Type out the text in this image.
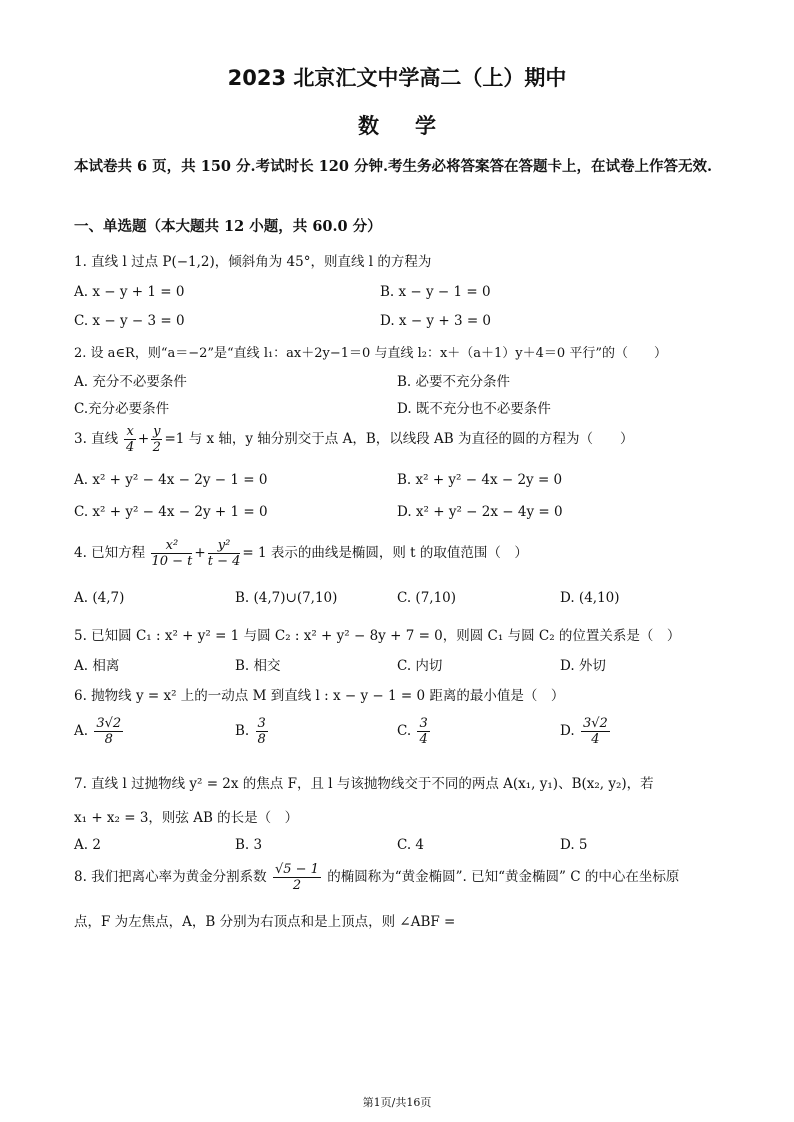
2023 北京汇文中学高二（上）期中
数学
本试卷共 6 页，共 150 分.考试时长 120 分钟.考生务必将答案答在答题卡上，在试卷上作答无效.
一、单选题（本大题共 12 小题，共 60.0 分）
1. 直线 l 过点 P(−1,2)，倾斜角为 45°，则直线 l 的方程为
A. x − y + 1 = 0	B. x − y − 1 = 0
C. x − y − 3 = 0	D. x − y + 3 = 0
2. 设 a∈R，则“a＝−2”是“直线 l₁：ax＋2y−1＝0 与直线 l₂：x＋（a＋1）y＋4＝0 平行”的（　　）
A. 充分不必要条件	B. 必要不充分条件
C.充分必要条件	D. 既不充分也不必要条件
3. 直线 $\frac{x}{4} + \frac{y}{2} =1$ 与 x 轴，y 轴分别交于点 A，B，以线段 AB 为直径的圆的方程为（　　）
A. x² + y² − 4x − 2y − 1 = 0	B. x² + y² − 4x − 2y = 0
C. x² + y² − 4x − 2y + 1 = 0	D. x² + y² − 2x − 4y = 0
4. 已知方程 $\frac{\text{x²}}{10 - t} + \frac{\text{y²}}{t - 4} = 1$ 表示的曲线是椭圆，则 t 的取值范围（　）
A. (4,7)	B. (4,7)∪(7,10)	C. (7,10)	D. (4,10)
5. 已知圆 C₁ : x² + y² = 1 与圆 C₂ : x² + y² − 8y + 7 = 0，则圆 C₁ 与圆 C₂ 的位置关系是（　）
A. 相离	B. 相交	C. 内切	D. 外切
6. 抛物线 y = x² 上的一动点 M 到直线 l : x − y − 1 = 0 距离的最小值是（　）
A. $\frac{3√2}{8}$	B. $\frac{3}{8}$	C. $\frac{3}{4}$	D. $\frac{3√2}{4}$
7. 直线 l 过抛物线 y² = 2x 的焦点 F，且 l 与该抛物线交于不同的两点 A(x₁, y₁)、B(x₂, y₂)，若
x₁ + x₂ = 3，则弦 AB 的长是（　）
A. 2	B. 3	C. 4	D. 5
8. 我们把离心率为黄金分割系数 $\frac{√5 - 1}{2}$ 的椭圆称为“黄金椭圆”. 已知“黄金椭圆” C 的中心在坐标原
点，F 为左焦点，A，B 分别为右顶点和是上顶点，则 ∠ABF =
第1页/共16页
